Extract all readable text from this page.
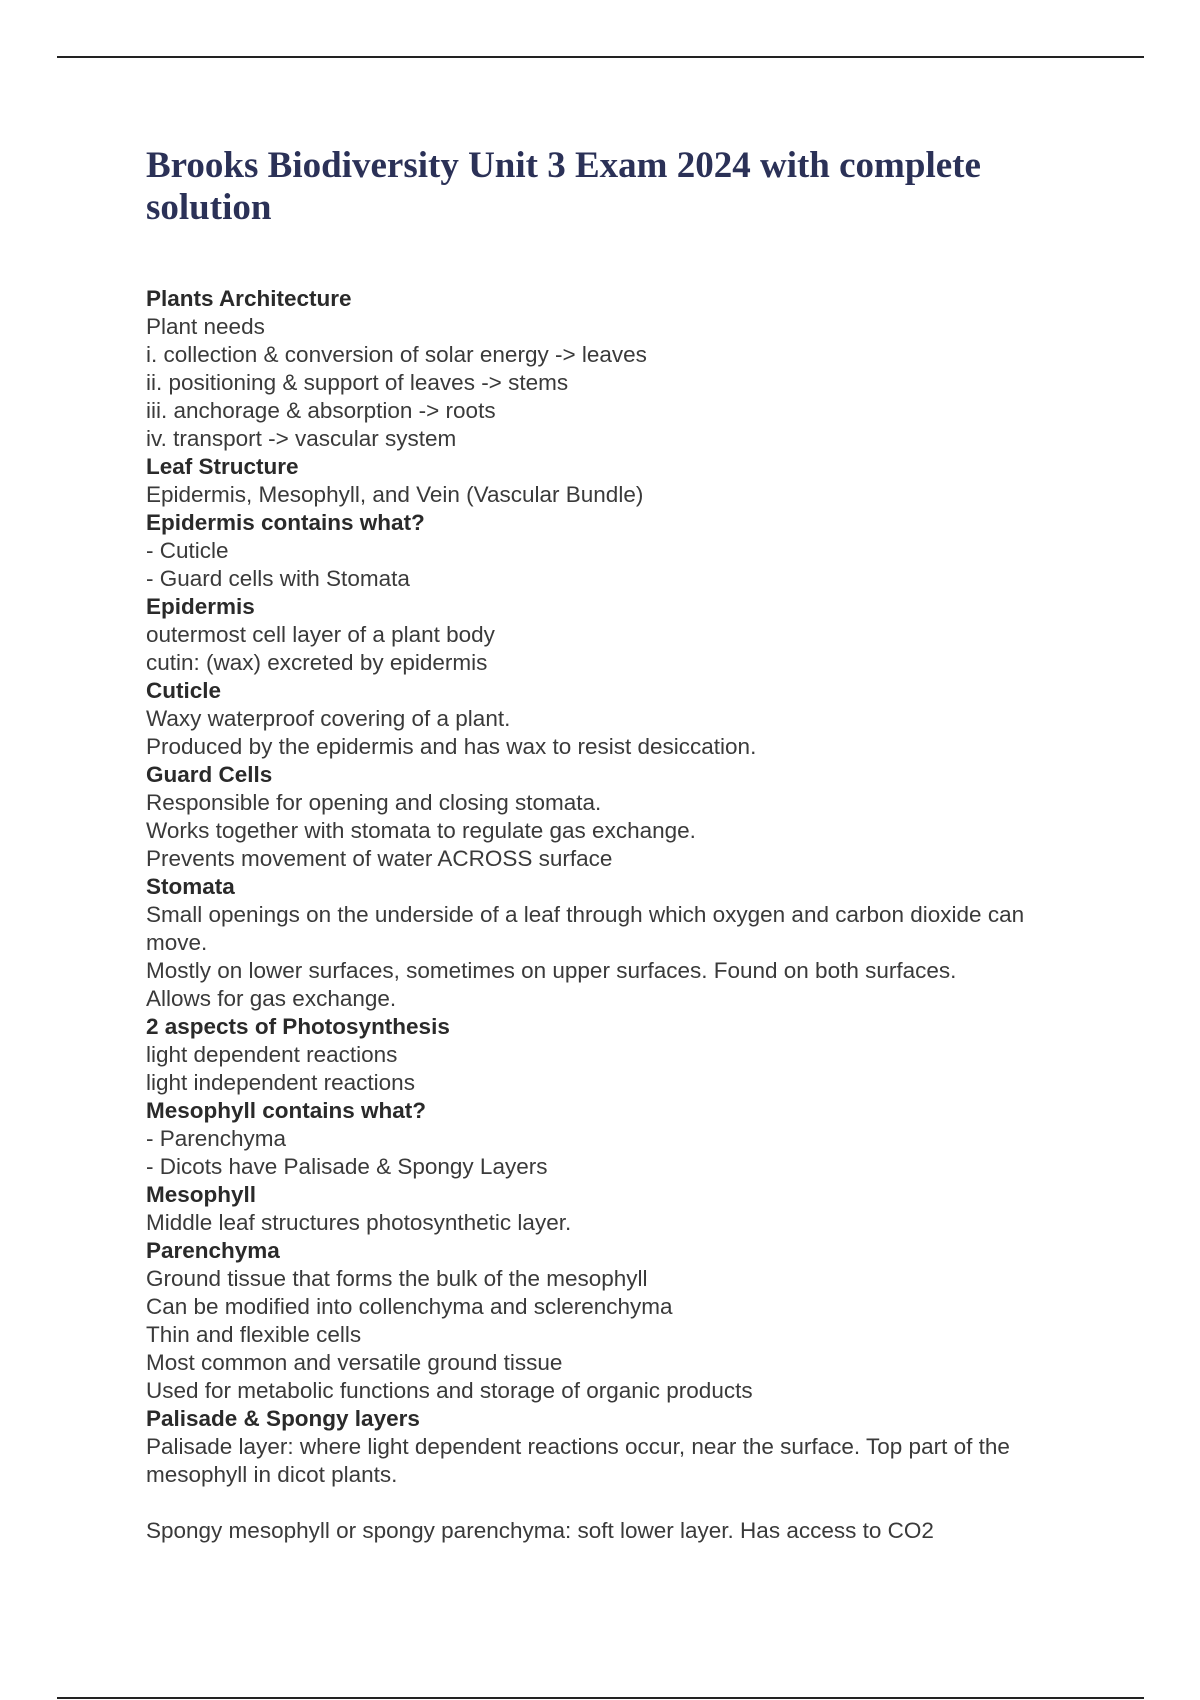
Brooks Biodiversity Unit 3 Exam 2024 with complete solution
Plants Architecture
Plant needs
i. collection & conversion of solar energy -> leaves
ii. positioning & support of leaves -> stems
iii. anchorage & absorption -> roots
iv. transport -> vascular system
Leaf Structure
Epidermis, Mesophyll, and Vein (Vascular Bundle)
Epidermis contains what?
- Cuticle
- Guard cells with Stomata
Epidermis
outermost cell layer of a plant body
cutin: (wax) excreted by epidermis
Cuticle
Waxy waterproof covering of a plant.
Produced by the epidermis and has wax to resist desiccation.
Guard Cells
Responsible for opening and closing stomata.
Works together with stomata to regulate gas exchange.
Prevents movement of water ACROSS surface
Stomata
Small openings on the underside of a leaf through which oxygen and carbon dioxide can move.
Mostly on lower surfaces, sometimes on upper surfaces. Found on both surfaces.
Allows for gas exchange.
2 aspects of Photosynthesis
light dependent reactions
light independent reactions
Mesophyll contains what?
- Parenchyma
- Dicots have Palisade & Spongy Layers
Mesophyll
Middle leaf structures photosynthetic layer.
Parenchyma
Ground tissue that forms the bulk of the mesophyll
Can be modified into collenchyma and sclerenchyma
Thin and flexible cells
Most common and versatile ground tissue
Used for metabolic functions and storage of organic products
Palisade & Spongy layers
Palisade layer: where light dependent reactions occur, near the surface. Top part of the mesophyll in dicot plants.
Spongy mesophyll or spongy parenchyma: soft lower layer. Has access to CO2
